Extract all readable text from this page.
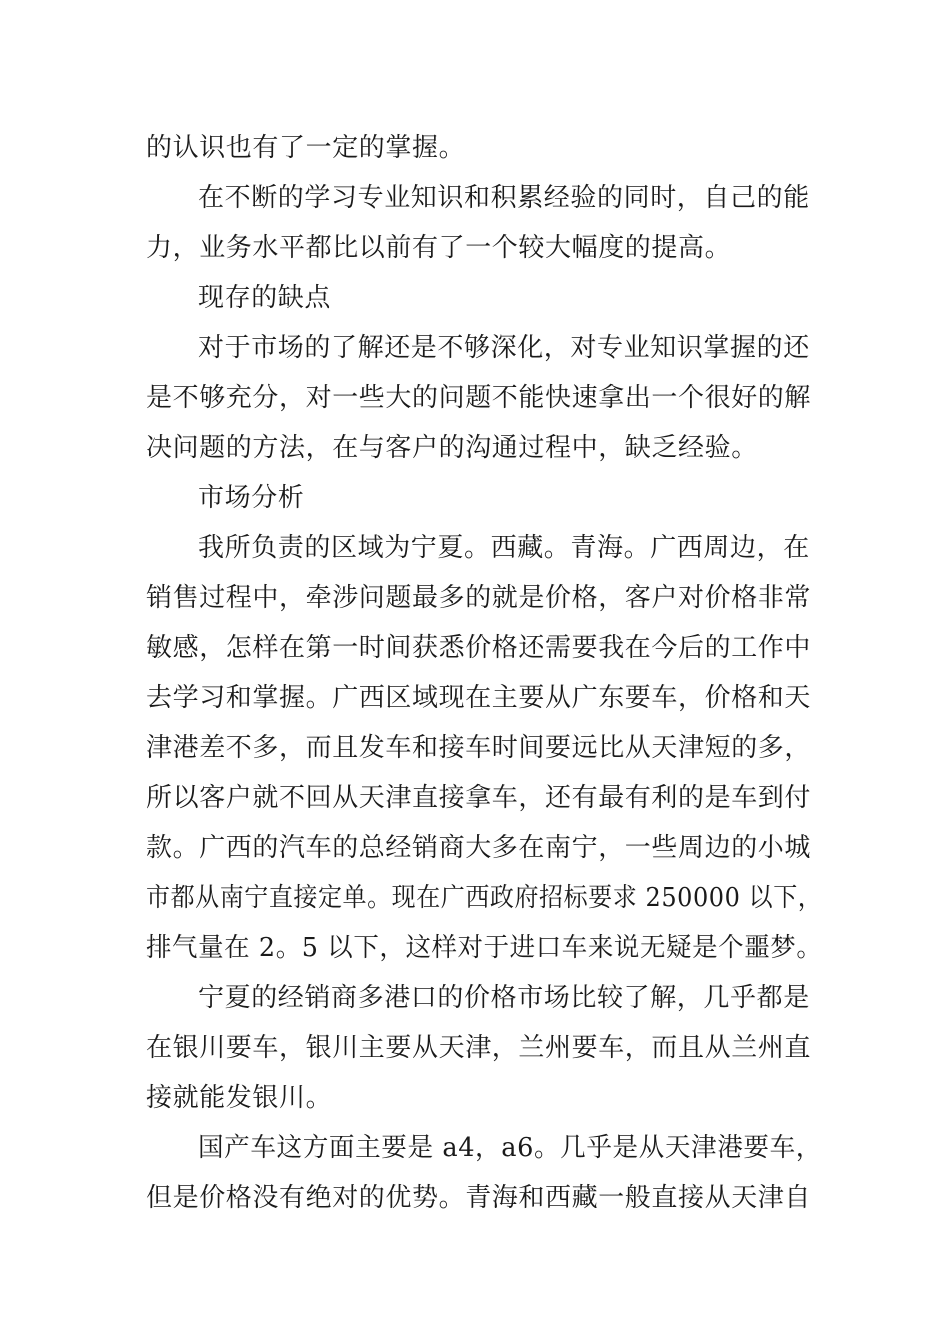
的认识也有了一定的掌握。
在不断的学习专业知识和积累经验的同时，自己的能
力，业务水平都比以前有了一个较大幅度的提高。
现存的缺点
对于市场的了解还是不够深化，对专业知识掌握的还
是不够充分，对一些大的问题不能快速拿出一个很好的解
决问题的方法，在与客户的沟通过程中，缺乏经验。
市场分析
我所负责的区域为宁夏。西藏。青海。广西周边，在
销售过程中，牵涉问题最多的就是价格，客户对价格非常
敏感，怎样在第一时间获悉价格还需要我在今后的工作中
去学习和掌握。广西区域现在主要从广东要车，价格和天
津港差不多，而且发车和接车时间要远比从天津短的多，
所以客户就不回从天津直接拿车，还有最有利的是车到付
款。广西的汽车的总经销商大多在南宁，一些周边的小城
市都从南宁直接定单。现在广西政府招标要求 250000 以下，
排气量在 2。5 以下，这样对于进口车来说无疑是个噩梦。
宁夏的经销商多港口的价格市场比较了解，几乎都是
在银川要车，银川主要从天津，兰州要车，而且从兰州直
接就能发银川。
国产车这方面主要是 a4，a6。几乎是从天津港要车，
但是价格没有绝对的优势。青海和西藏一般直接从天津自
